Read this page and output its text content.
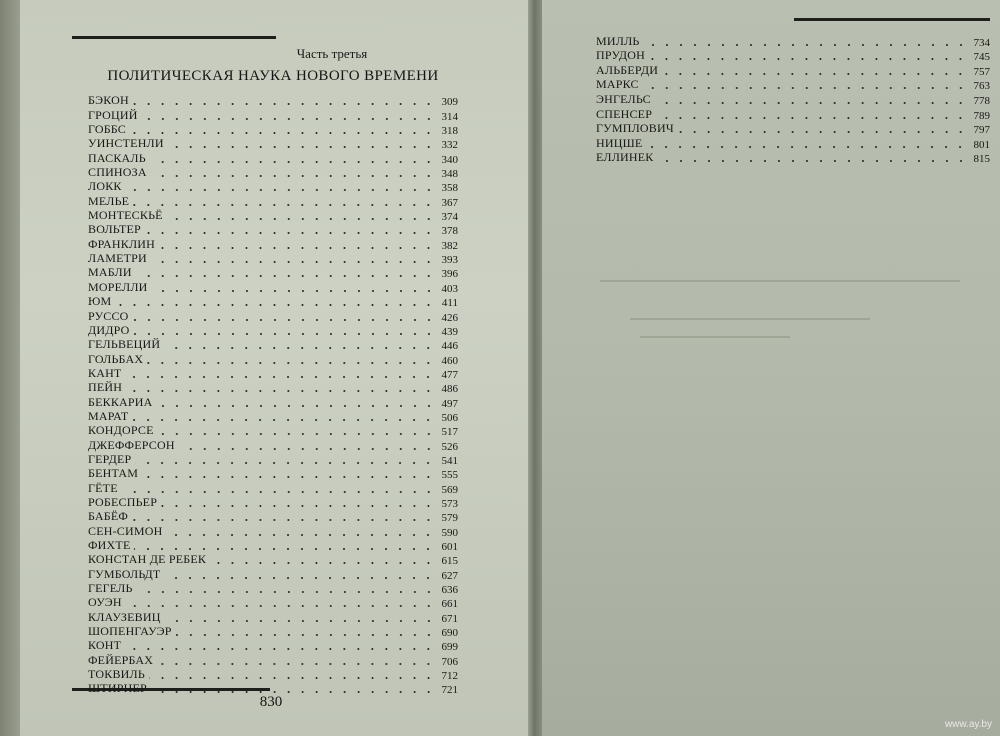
Часть третья
ПОЛИТИЧЕСКАЯ НАУКА НОВОГО ВРЕМЕНИ
БЭКОН	309
ГРОЦИЙ	314
ГОББС	318
УИНСТЕНЛИ	332
ПАСКАЛЬ	340
СПИНОЗА	348
ЛОКК	358
МЕЛЬЕ	367
МОНТЕСКЬЁ	374
ВОЛЬТЕР	378
ФРАНКЛИН	382
ЛАМЕТРИ	393
МАБЛИ	396
МОРЕЛЛИ	403
ЮМ	411
РУССО	426
ДИДРО	439
ГЕЛЬВЕЦИЙ	446
ГОЛЬБАХ	460
КАНТ	477
ПЕЙН	486
БЕККАРИА	497
МАРАТ	506
КОНДОРСЕ	517
ДЖЕФФЕРСОН	526
ГЕРДЕР	541
БЕНТАМ	555
ГЁТЕ	569
РОБЕСПЬЕР	573
БАБЁФ	579
СЕН-СИМОН	590
ФИХТЕ	601
КОНСТАН ДЕ РЕБЕК	615
ГУМБОЛЬДТ	627
ГЕГЕЛЬ	636
ОУЭН	661
КЛАУЗЕВИЦ	671
ШОПЕНГАУЭР	690
КОНТ	699
ФЕЙЕРБАХ	706
ТОКВИЛЬ	712
ШТИРНЕР	721
МИЛЛЬ	734
ПРУДОН	745
АЛЬБЕРДИ	757
МАРКС	763
ЭНГЕЛЬС	778
СПЕНСЕР	789
ГУМПЛОВИЧ	797
НИЦШЕ	801
ЕЛЛИНЕК	815
830
www.ay.by
